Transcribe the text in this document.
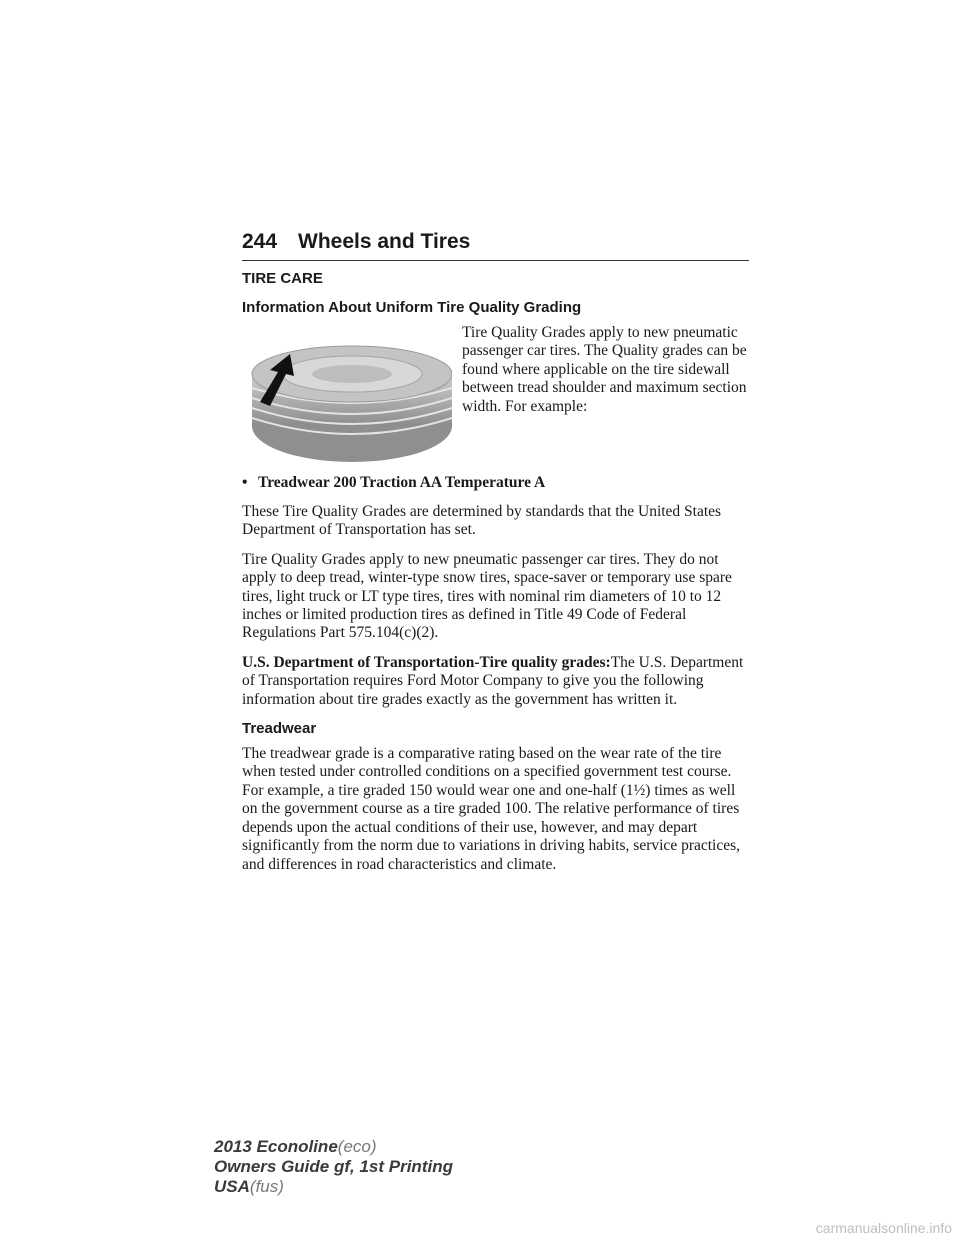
244 Wheels and Tires
TIRE CARE
Information About Uniform Tire Quality Grading

Tire Quality Grades apply to new pneumatic passenger car tires. The Quality grades can be found where applicable on the tire sidewall between tread shoulder and maximum section width. For example:

• Treadwear 200 Traction AA Temperature A

These Tire Quality Grades are determined by standards that the United States Department of Transportation has set.

Tire Quality Grades apply to new pneumatic passenger car tires. They do not apply to deep tread, winter-type snow tires, space-saver or temporary use spare tires, light truck or LT type tires, tires with nominal rim diameters of 10 to 12 inches or limited production tires as defined in Title 49 Code of Federal Regulations Part 575.104(c)(2).

U.S. Department of Transportation-Tire quality grades:The U.S. Department of Transportation requires Ford Motor Company to give you the following information about tire grades exactly as the government has written it.

Treadwear

The treadwear grade is a comparative rating based on the wear rate of the tire when tested under controlled conditions on a specified government test course. For example, a tire graded 150 would wear one and one-half (1½) times as well on the government course as a tire graded 100. The relative performance of tires depends upon the actual conditions of their use, however, and may depart significantly from the norm due to variations in driving habits, service practices, and differences in road characteristics and climate.

2013 Econoline(eco)
Owners Guide gf, 1st Printing
USA(fus)
carmanualsonline.info
